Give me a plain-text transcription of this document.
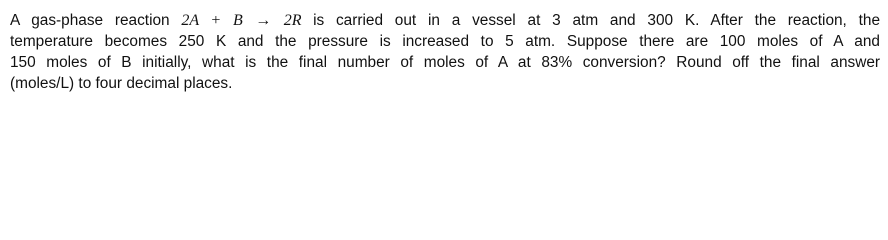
A gas-phase reaction 2A + B → 2R is carried out in a vessel at 3 atm and 300 K. After the reaction, the
temperature becomes 250 K and the pressure is increased to 5 atm. Suppose there are 100 moles of A and
150 moles of B initially, what is the final number of moles of A at 83% conversion? Round off the final answer
(moles/L) to four decimal places.
